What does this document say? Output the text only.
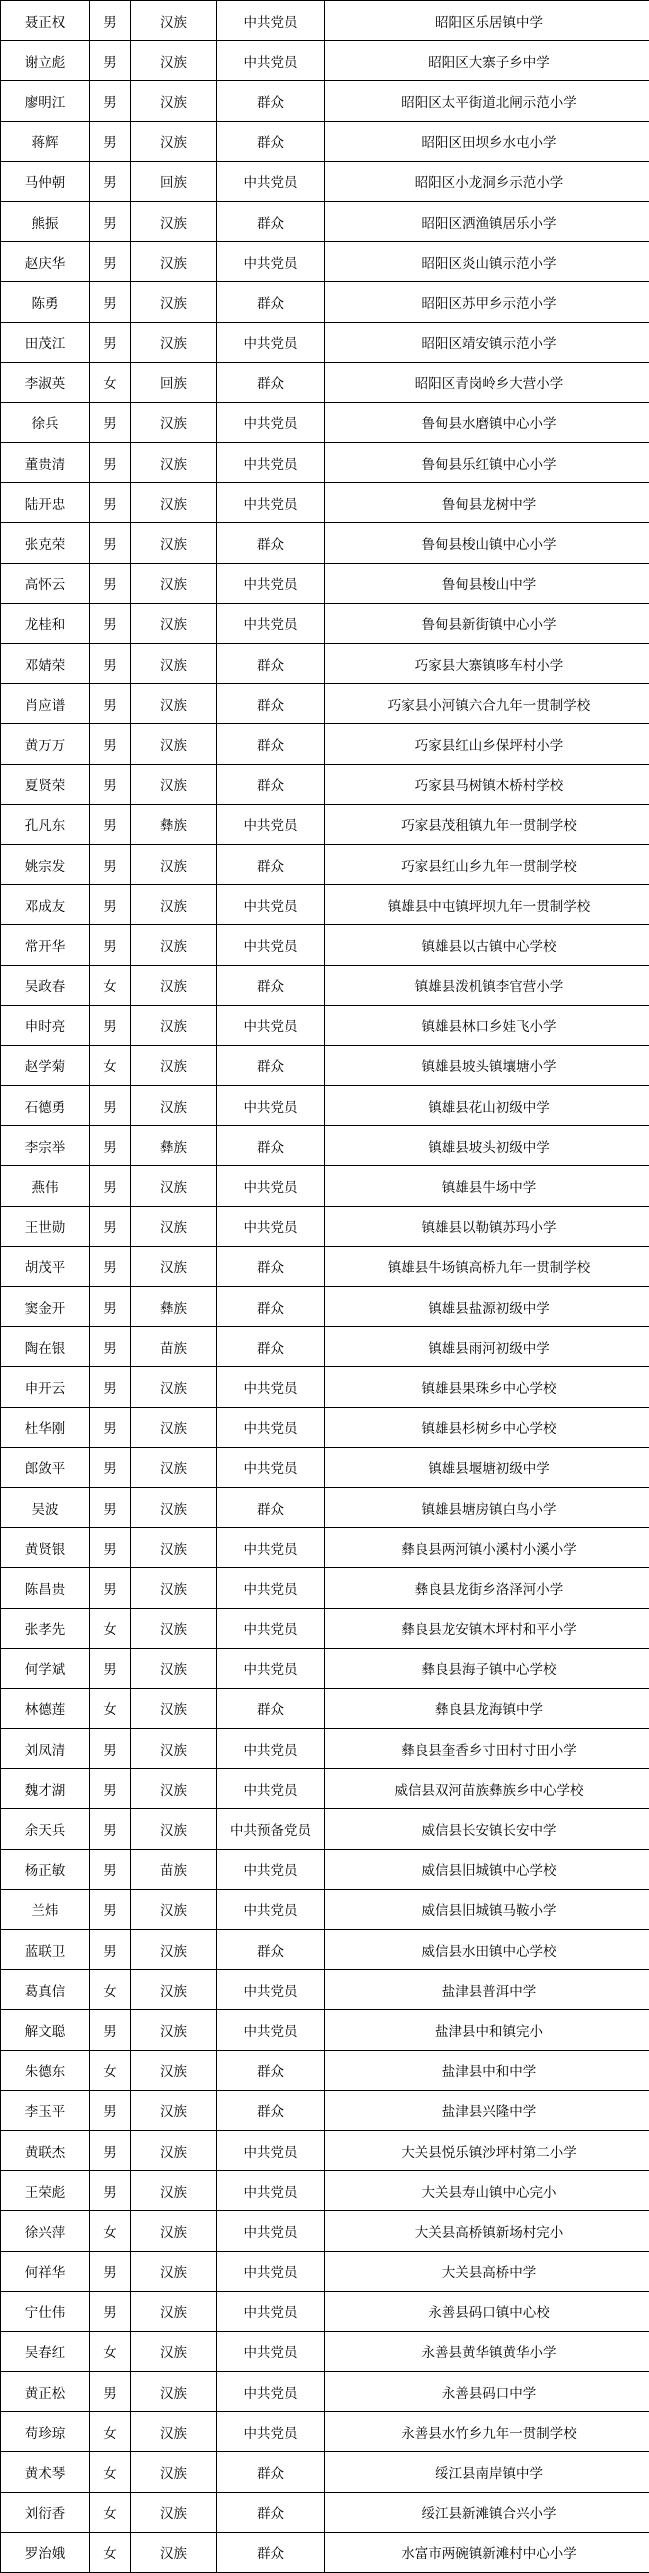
聂正权	男	汉族	中共党员	昭阳区乐居镇中学
谢立彪	男	汉族	中共党员	昭阳区大寨子乡中学
廖明江	男	汉族	群众	昭阳区太平街道北闸示范小学
蒋辉	男	汉族	群众	昭阳区田坝乡水屯小学
马仲朝	男	回族	中共党员	昭阳区小龙洞乡示范小学
熊振	男	汉族	群众	昭阳区洒渔镇居乐小学
赵庆华	男	汉族	中共党员	昭阳区炎山镇示范小学
陈勇	男	汉族	群众	昭阳区苏甲乡示范小学
田茂江	男	汉族	中共党员	昭阳区靖安镇示范小学
李淑英	女	回族	群众	昭阳区青岗岭乡大营小学
徐兵	男	汉族	中共党员	鲁甸县水磨镇中心小学
董贵清	男	汉族	中共党员	鲁甸县乐红镇中心小学
陆开忠	男	汉族	中共党员	鲁甸县龙树中学
张克荣	男	汉族	群众	鲁甸县梭山镇中心小学
高怀云	男	汉族	中共党员	鲁甸县梭山中学
龙桂和	男	汉族	中共党员	鲁甸县新街镇中心小学
邓婧荣	男	汉族	群众	巧家县大寨镇哆车村小学
肖应谱	男	汉族	群众	巧家县小河镇六合九年一贯制学校
黄万万	男	汉族	群众	巧家县红山乡保坪村小学
夏贤荣	男	汉族	群众	巧家县马树镇木桥村学校
孔凡东	男	彝族	中共党员	巧家县茂租镇九年一贯制学校
姚宗发	男	汉族	群众	巧家县红山乡九年一贯制学校
邓成友	男	汉族	中共党员	镇雄县中屯镇坪坝九年一贯制学校
常开华	男	汉族	中共党员	镇雄县以古镇中心学校
吴政春	女	汉族	群众	镇雄县泼机镇李官营小学
申时亮	男	汉族	中共党员	镇雄县林口乡娃飞小学
赵学菊	女	汉族	群众	镇雄县坡头镇壤塘小学
石德勇	男	汉族	中共党员	镇雄县花山初级中学
李宗举	男	彝族	群众	镇雄县坡头初级中学
燕伟	男	汉族	中共党员	镇雄县牛场中学
王世勋	男	汉族	中共党员	镇雄县以勒镇苏玛小学
胡茂平	男	汉族	群众	镇雄县牛场镇高桥九年一贯制学校
窦金开	男	彝族	群众	镇雄县盐源初级中学
陶在银	男	苗族	群众	镇雄县雨河初级中学
申开云	男	汉族	中共党员	镇雄县果珠乡中心学校
杜华刚	男	汉族	中共党员	镇雄县杉树乡中心学校
郎敛平	男	汉族	中共党员	镇雄县堰塘初级中学
吴波	男	汉族	群众	镇雄县塘房镇白鸟小学
黄贤银	男	汉族	中共党员	彝良县两河镇小溪村小溪小学
陈昌贵	男	汉族	中共党员	彝良县龙街乡洛泽河小学
张孝先	女	汉族	中共党员	彝良县龙安镇木坪村和平小学
何学斌	男	汉族	中共党员	彝良县海子镇中心学校
林德莲	女	汉族	群众	彝良县龙海镇中学
刘凤清	男	汉族	中共党员	彝良县奎香乡寸田村寸田小学
魏才湖	男	汉族	中共党员	威信县双河苗族彝族乡中心学校
余天兵	男	汉族	中共预备党员	威信县长安镇长安中学
杨正敏	男	苗族	中共党员	威信县旧城镇中心学校
兰炜	男	汉族	中共党员	威信县旧城镇马鞍小学
蓝联卫	男	汉族	群众	威信县水田镇中心学校
葛真信	女	汉族	中共党员	盐津县普洱中学
解文聪	男	汉族	中共党员	盐津县中和镇完小
朱德东	女	汉族	群众	盐津县中和中学
李玉平	男	汉族	群众	盐津县兴隆中学
黄联杰	男	汉族	中共党员	大关县悦乐镇沙坪村第二小学
王荣彪	男	汉族	中共党员	大关县寿山镇中心完小
徐兴萍	女	汉族	中共党员	大关县高桥镇新场村完小
何祥华	男	汉族	中共党员	大关县高桥中学
宁仕伟	男	汉族	中共党员	永善县码口镇中心校
吴春红	女	汉族	中共党员	永善县黄华镇黄华小学
黄正松	男	汉族	中共党员	永善县码口中学
苟珍琼	女	汉族	中共党员	永善县水竹乡九年一贯制学校
黄术琴	女	汉族	群众	绥江县南岸镇中学
刘衍香	女	汉族	群众	绥江县新滩镇合兴小学
罗治娥	女	汉族	群众	水富市两碗镇新滩村中心小学
